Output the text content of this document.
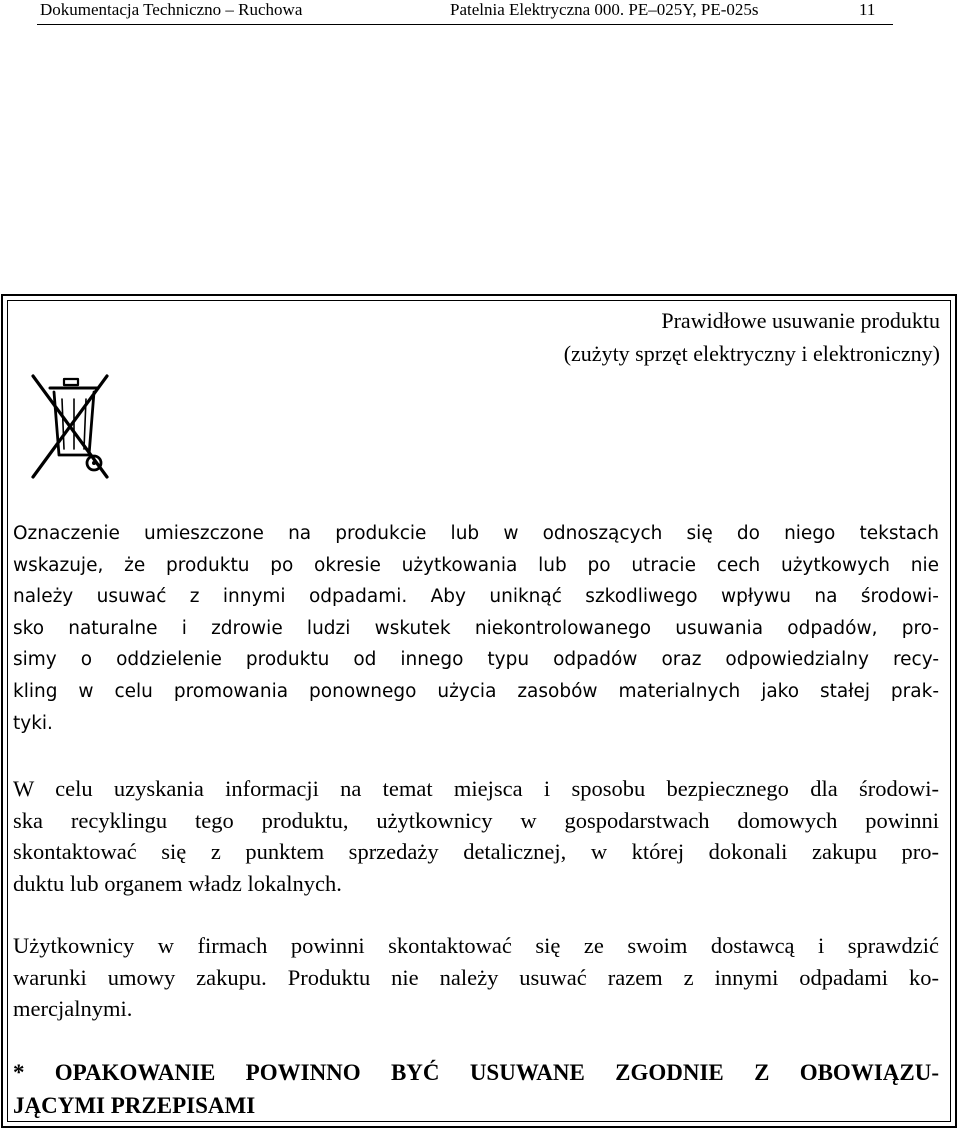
Dokumentacja Techniczno – Ruchowa	Patelnia Elektryczna 000. PE–025Y, PE-025s	11
Prawidłowe usuwanie produktu
(zużyty sprzęt elektryczny i elektroniczny)
Oznaczenie umieszczone na produkcie lub w odnoszących się do niego tekstach
wskazuje, że produktu po okresie użytkowania lub po utracie cech użytkowych nie
należy usuwać z innymi odpadami. Aby uniknąć szkodliwego wpływu na środowi-
sko naturalne i zdrowie ludzi wskutek niekontrolowanego usuwania odpadów, pro-
simy o oddzielenie produktu od innego typu odpadów oraz odpowiedzialny recy-
kling w celu promowania ponownego użycia zasobów materialnych jako stałej prak-
tyki.
W celu uzyskania informacji na temat miejsca i sposobu bezpiecznego dla środowi-
ska recyklingu tego produktu, użytkownicy w gospodarstwach domowych powinni
skontaktować się z punktem sprzedaży detalicznej, w której dokonali zakupu pro-
duktu lub organem władz lokalnych.
Użytkownicy w firmach powinni skontaktować się ze swoim dostawcą i sprawdzić
warunki umowy zakupu. Produktu nie należy usuwać razem z innymi odpadami ko-
mercjalnymi.
* OPAKOWANIE POWINNO BYĆ USUWANE ZGODNIE Z OBOWIĄZU-
JĄCYMI PRZEPISAMI
